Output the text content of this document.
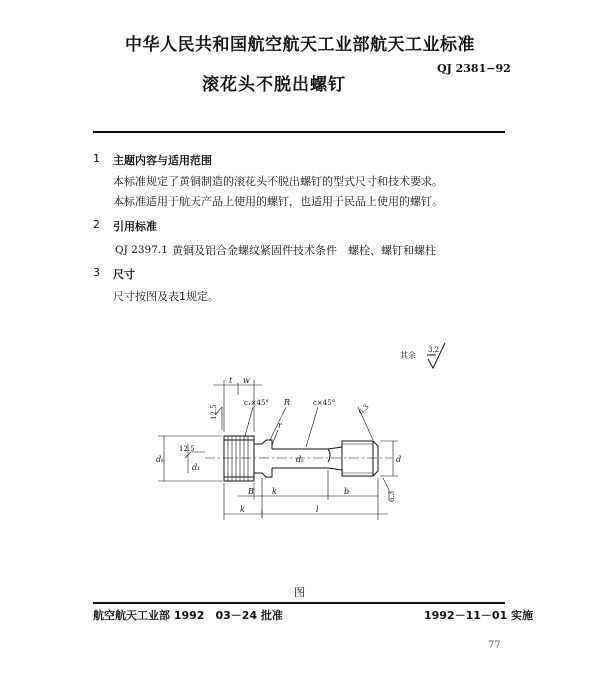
中华人民共和国航空航天工业部航天工业标准
QJ 2381−92
滚花头不脱出螺钉
1 主题内容与适用范围
本标准规定了黄铜制造的滚花头不脱出螺钉的型式尺寸和技术要求。
本标准适用于航天产品上使用的螺钉，也适用于民品上使用的螺钉。
2 引用标准
QJ 2397.1 黄铜及铝合金螺纹紧固件技术条件　螺栓、螺钉和螺柱
3 尺寸
尺寸按图及表1规定。
其余
3.2
t w
12.5
c₁×45° R	c×45°	6.3
r
12.5
dₖ
d₁
dₛ	d
B k	b	6.3
k	l
图
航空航天工业部 1992　03－24 批准	1992－11－01 实施
77
